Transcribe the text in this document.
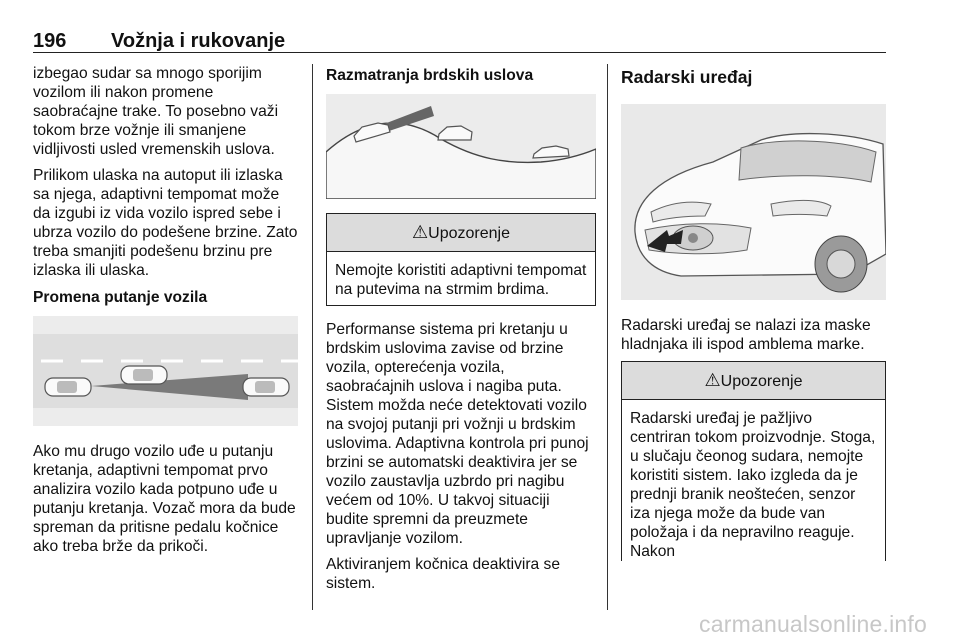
196 Vožnja i rukovanje

izbegao sudar sa mnogo sporijim vozilom ili nakon promene saobraćajne trake. To posebno važi tokom brze vožnje ili smanjene vidljivosti usled vremenskih uslova.

Prilikom ulaska na autoput ili izlaska sa njega, adaptivni tempomat može da izgubi iz vida vozilo ispred sebe i ubrza vozilo do podešene brzine. Zato treba smanjiti podešenu brzinu pre izlaska ili ulaska.

Promena putanje vozila

Ako mu drugo vozilo uđe u putanju kretanja, adaptivni tempomat prvo analizira vozilo kada potpuno uđe u putanju kretanja. Vozač mora da bude spreman da pritisne pedalu kočnice ako treba brže da prikoči.

Razmatranja brdskih uslova

⚠Upozorenje
Nemojte koristiti adaptivni tempomat na putevima na strmim brdima.

Performanse sistema pri kretanju u brdskim uslovima zavise od brzine vozila, opterećenja vozila, saobraćajnih uslova i nagiba puta. Sistem možda neće detektovati vozilo na svojoj putanji pri vožnji u brdskim uslovima. Adaptivna kontrola pri punoj brzini se automatski deaktivira jer se vozilo zaustavlja uzbrdo pri nagibu većem od 10%. U takvoj situaciji budite spremni da preuzmete upravljanje vozilom.

Aktiviranjem kočnica deaktivira se sistem.

Radarski uređaj

Radarski uređaj se nalazi iza maske hladnjaka ili ispod amblema marke.

⚠Upozorenje
Radarski uređaj je pažljivo centriran tokom proizvodnje. Stoga, u slučaju čeonog sudara, nemojte koristiti sistem. Iako izgleda da je prednji branik neoštećen, senzor iza njega može da bude van položaja i da nepravilno reaguje. Nakon
carmanualsonline.info
